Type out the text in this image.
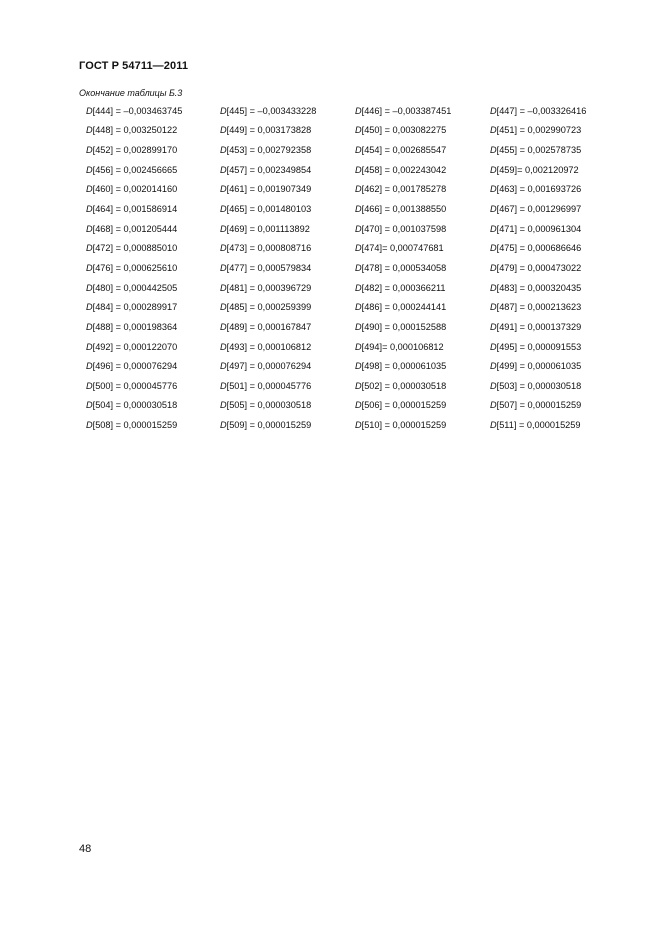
ГОСТ Р 54711—2011
Окончание таблицы Б.3
D[444] = –0,003463745	D[445] = –0,003433228	D[446] = –0,003387451	D[447] = –0,003326416
D[448] = 0,003250122	D[449] = 0,003173828	D[450] = 0,003082275	D[451] = 0,002990723
D[452] = 0,002899170	D[453] = 0,002792358	D[454] = 0,002685547	D[455] = 0,002578735
D[456] = 0,002456665	D[457] = 0,002349854	D[458] = 0,002243042	D[459]= 0,002120972
D[460] = 0,002014160	D[461] = 0,001907349	D[462] = 0,001785278	D[463] = 0,001693726
D[464] = 0,001586914	D[465] = 0,001480103	D[466] = 0,001388550	D[467] = 0,001296997
D[468] = 0,001205444	D[469] = 0,001113892	D[470] = 0,001037598	D[471] = 0,000961304
D[472] = 0,000885010	D[473] = 0,000808716	D[474]= 0,000747681	D[475] = 0,000686646
D[476] = 0,000625610	D[477] = 0,000579834	D[478] = 0,000534058	D[479] = 0,000473022
D[480] = 0,000442505	D[481] = 0,000396729	D[482] = 0,000366211	D[483] = 0,000320435
D[484] = 0,000289917	D[485] = 0,000259399	D[486] = 0,000244141	D[487] = 0,000213623
D[488] = 0,000198364	D[489] = 0,000167847	D[490] = 0,000152588	D[491] = 0,000137329
D[492] = 0,000122070	D[493] = 0,000106812	D[494]= 0,000106812	D[495] = 0,000091553
D[496] = 0,000076294	D[497] = 0,000076294	D[498] = 0,000061035	D[499] = 0,000061035
D[500] = 0,000045776	D[501] = 0,000045776	D[502] = 0,000030518	D[503] = 0,000030518
D[504] = 0,000030518	D[505] = 0,000030518	D[506] = 0,000015259	D[507] = 0,000015259
D[508] = 0,000015259	D[509] = 0,000015259	D[510] = 0,000015259	D[511] = 0,000015259
48
